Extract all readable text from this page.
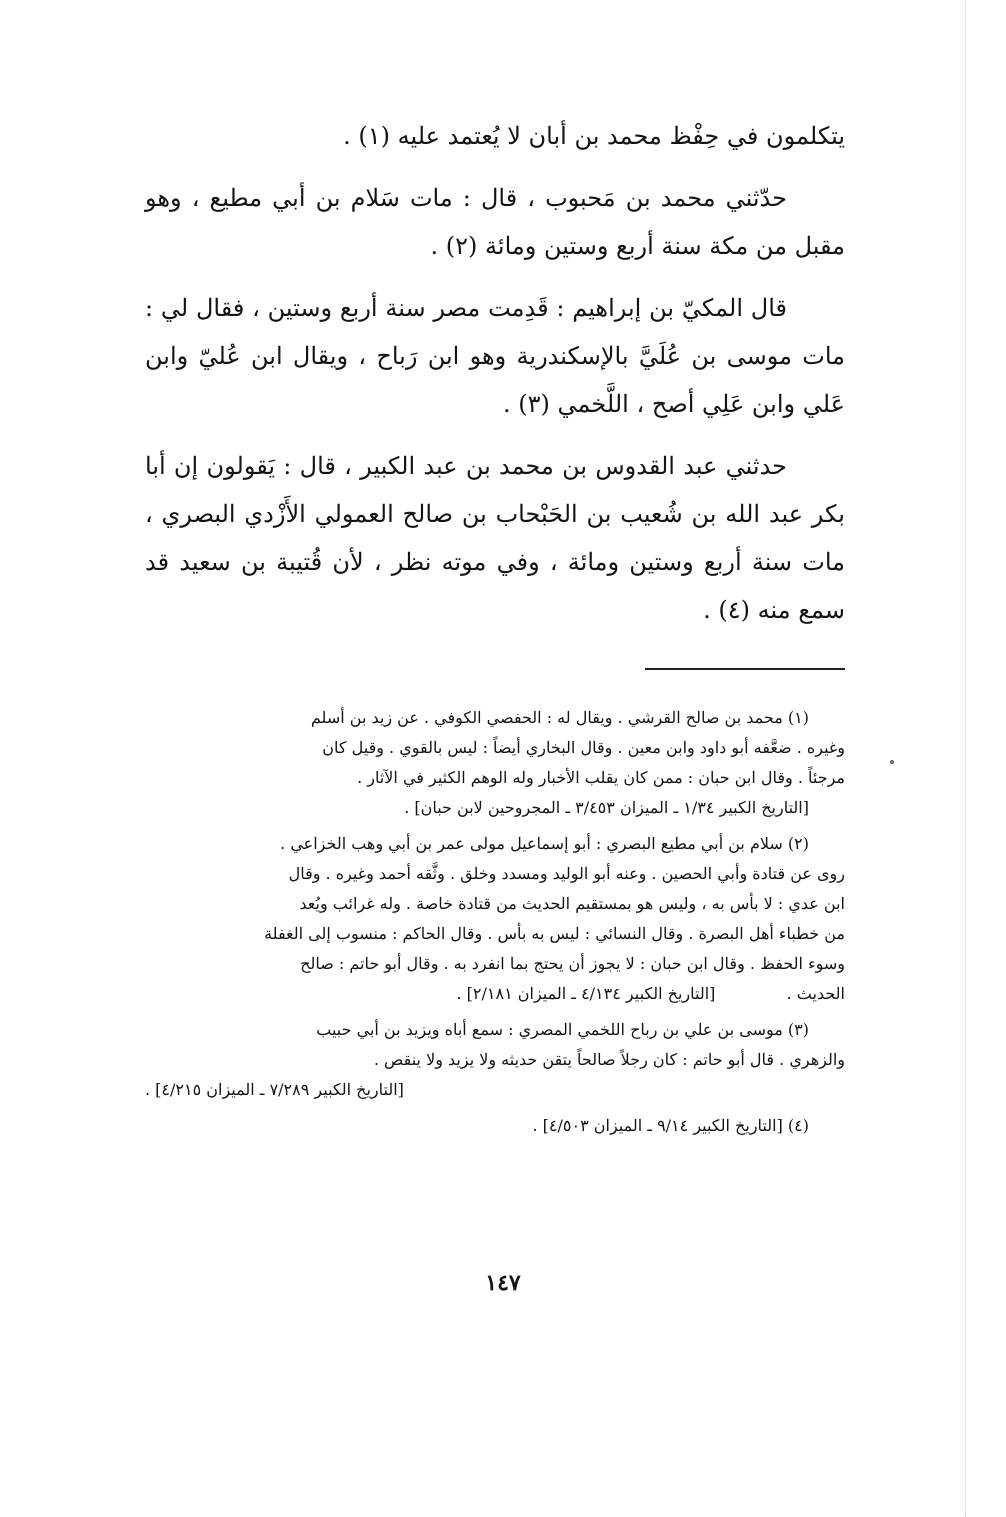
يتكلمون في حِفْظ محمد بن أبان لا يُعتمد عليه (١) .

حدّثني محمد بن مَحبوب ، قال : مات سَلام بن أبي مطيع ، وهو مقبل من مكة سنة أربع وستين ومائة (٢) .

قال المكيّ بن إبراهيم : قَدِمت مصر سنة أربع وستين ، فقال لي : مات موسى بن عُلَيَّ بالإسكندرية وهو ابن رَباح ، ويقال ابن عُليّ وابن عَلي وابن عَلِي أصح ، اللَّخمي (٣) .

حدثني عبد القدوس بن محمد بن عبد الكبير ، قال : يَقولون إن أبا بكر عبد الله بن شُعيب بن الحَبْحاب بن صالح العمولي الأَزْدي البصري ، مات سنة أربع وستين ومائة ، وفي موته نظر ، لأن قُتيبة بن سعيد قد سمع منه (٤) .

(١) محمد بن صالح القرشي . ويقال له : الحفصي الكوفي . عن زيد بن أسلم
وغيره . ضعَّفه أبو داود وابن معين . وقال البخاري أيضاً : ليس بالقوي . وقيل كان
مرجئاً . وقال ابن حبان : ممن كان يقلب الأخبار وله الوهم الكثير في الآثار .
[التاريخ الكبير ١/٣٤ ـ الميزان ٣/٤٥٣ ـ المجروحين لابن حبان] .
(٢) سلام بن أبي مطيع البصري : أبو إسماعيل مولى عمر بن أبي وهب الخزاعي .
روى عن قتادة وأبي الحصين . وعنه أبو الوليد ومسدد وخلق . وثَّقه أحمد وغيره . وقال
ابن عدي : لا بأس به ، وليس هو بمستقيم الحديث من قتادة خاصة . وله غرائب ويُعد
من خطباء أهل البصرة . وقال النسائي : ليس به بأس . وقال الحاكم : منسوب إلى الغفلة
وسوء الحفظ . وقال ابن حبان : لا يجوز أن يحتج بما انفرد به . وقال أبو حاتم : صالح
الحديث .              [التاريخ الكبير ٤/١٣٤ ـ الميزان ٢/١٨١] .
(٣) موسى بن علي بن رباح اللخمي المصري : سمع أباه ويزيد بن أبي حبيب
والزهري . قال أبو حاتم : كان رجلاً صالحاً يتقن حديثه ولا يزيد ولا ينقص .
[التاريخ الكبير ٧/٢٨٩ ـ الميزان ٤/٢١٥] .
(٤) [التاريخ الكبير ٩/١٤ ـ الميزان ٤/٥٠٣] .
١٤٧
